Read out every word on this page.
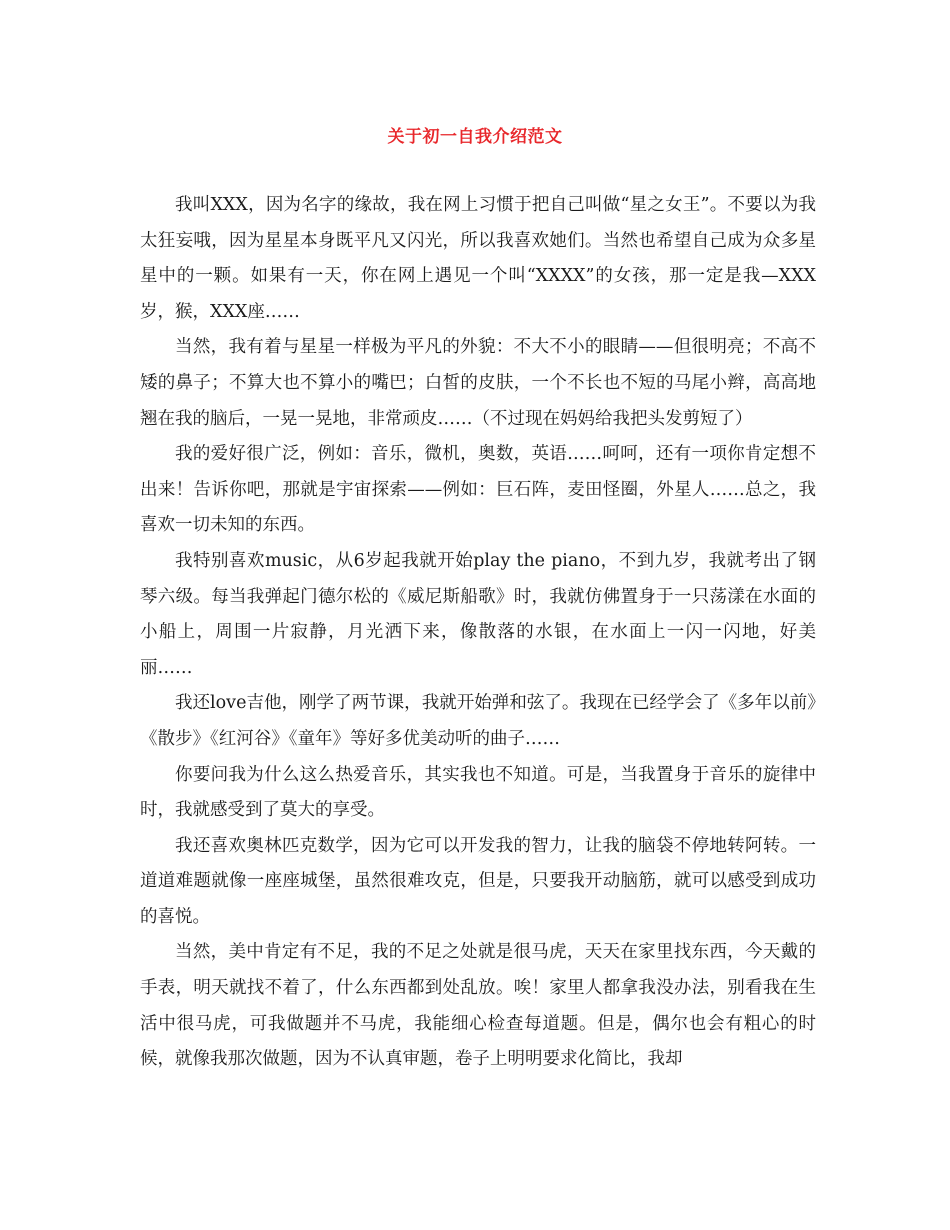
关于初一自我介绍范文

我叫XXX，因为名字的缘故，我在网上习惯于把自己叫做“星之女王”。不要以为我太狂妄哦，因为星星本身既平凡又闪光，所以我喜欢她们。当然也希望自己成为众多星星中的一颗。如果有一天，你在网上遇见一个叫“XXXX”的女孩，那一定是我—XXX岁，猴，XXX座……

当然，我有着与星星一样极为平凡的外貌：不大不小的眼睛——但很明亮；不高不矮的鼻子；不算大也不算小的嘴巴；白皙的皮肤，一个不长也不短的马尾小辫，高高地翘在我的脑后，一晃一晃地，非常顽皮……（不过现在妈妈给我把头发剪短了）

我的爱好很广泛，例如：音乐，微机，奥数，英语……呵呵，还有一项你肯定想不出来！告诉你吧，那就是宇宙探索——例如：巨石阵，麦田怪圈，外星人……总之，我喜欢一切未知的东西。

我特别喜欢music，从6岁起我就开始play the piano，不到九岁，我就考出了钢琴六级。每当我弹起门德尔松的《威尼斯船歌》时，我就仿佛置身于一只荡漾在水面的小船上，周围一片寂静，月光洒下来，像散落的水银，在水面上一闪一闪地，好美丽……

我还love吉他，刚学了两节课，我就开始弹和弦了。我现在已经学会了《多年以前》《散步》《红河谷》《童年》等好多优美动听的曲子……

你要问我为什么这么热爱音乐，其实我也不知道。可是，当我置身于音乐的旋律中时，我就感受到了莫大的享受。

我还喜欢奥林匹克数学，因为它可以开发我的智力，让我的脑袋不停地转阿转。一道道难题就像一座座城堡，虽然很难攻克，但是，只要我开动脑筋，就可以感受到成功的喜悦。

当然，美中肯定有不足，我的不足之处就是很马虎，天天在家里找东西，今天戴的手表，明天就找不着了，什么东西都到处乱放。唉！家里人都拿我没办法，别看我在生活中很马虎，可我做题并不马虎，我能细心检查每道题。但是，偶尔也会有粗心的时候，就像我那次做题，因为不认真审题，卷子上明明要求化简比，我却
